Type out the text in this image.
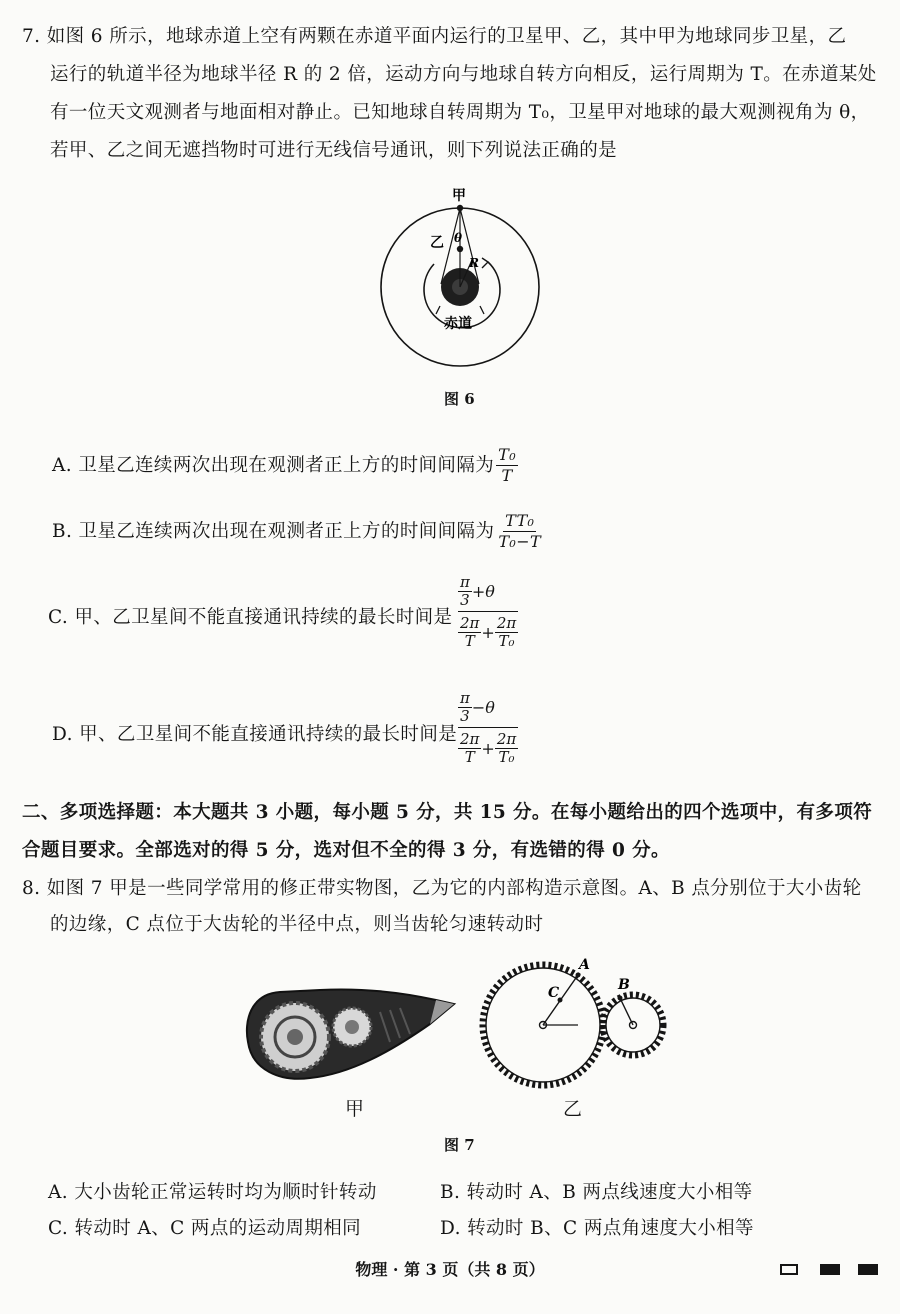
7. 如图 6 所示，地球赤道上空有两颗在赤道平面内运行的卫星甲、乙，其中甲为地球同步卫星，乙
运行的轨道半径为地球半径 R 的 2 倍，运动方向与地球自转方向相反，运行周期为 T。在赤道某处
有一位天文观测者与地面相对静止。已知地球自转周期为 T₀，卫星甲对地球的最大观测视角为 θ，
若甲、乙之间无遮挡物时可进行无线信号通讯，则下列说法正确的是
甲
乙 θ
R
赤道
图 6
A. 卫星乙连续两次出现在观测者正上方的时间间隔为 $\frac{\text{T₀}}{T}$
B. 卫星乙连续两次出现在观测者正上方的时间间隔为 $\frac{\text{TT₀}}{\text{T₀−T}}$
C. 甲、乙卫星间不能直接通讯持续的最长时间是
π
3 +θ
2π
$T + \frac{2\pi}{\text{T₀}}$
D. 甲、乙卫星间不能直接通讯持续的最长时间是
π
3 −θ
2π
$T + \frac{2\pi}{\text{T₀}}$
二、多项选择题：本大题共 3 小题，每小题 5 分，共 15 分。在每小题给出的四个选项中，有多项符
合题目要求。全部选对的得 5 分，选对但不全的得 3 分，有选错的得 0 分。
8. 如图 7 甲是一些同学常用的修正带实物图，乙为它的内部构造示意图。A、B 点分别位于大小齿轮
的边缘，C 点位于大齿轮的半径中点，则当齿轮匀速转动时
甲
A
B
C
乙
图 7
A. 大小齿轮正常运转时均为顺时针转动	B. 转动时 A、B 两点线速度大小相等
C. 转动时 A、C 两点的运动周期相同	D. 转动时 B、C 两点角速度大小相等
物理 · 第 3 页（共 8 页）
